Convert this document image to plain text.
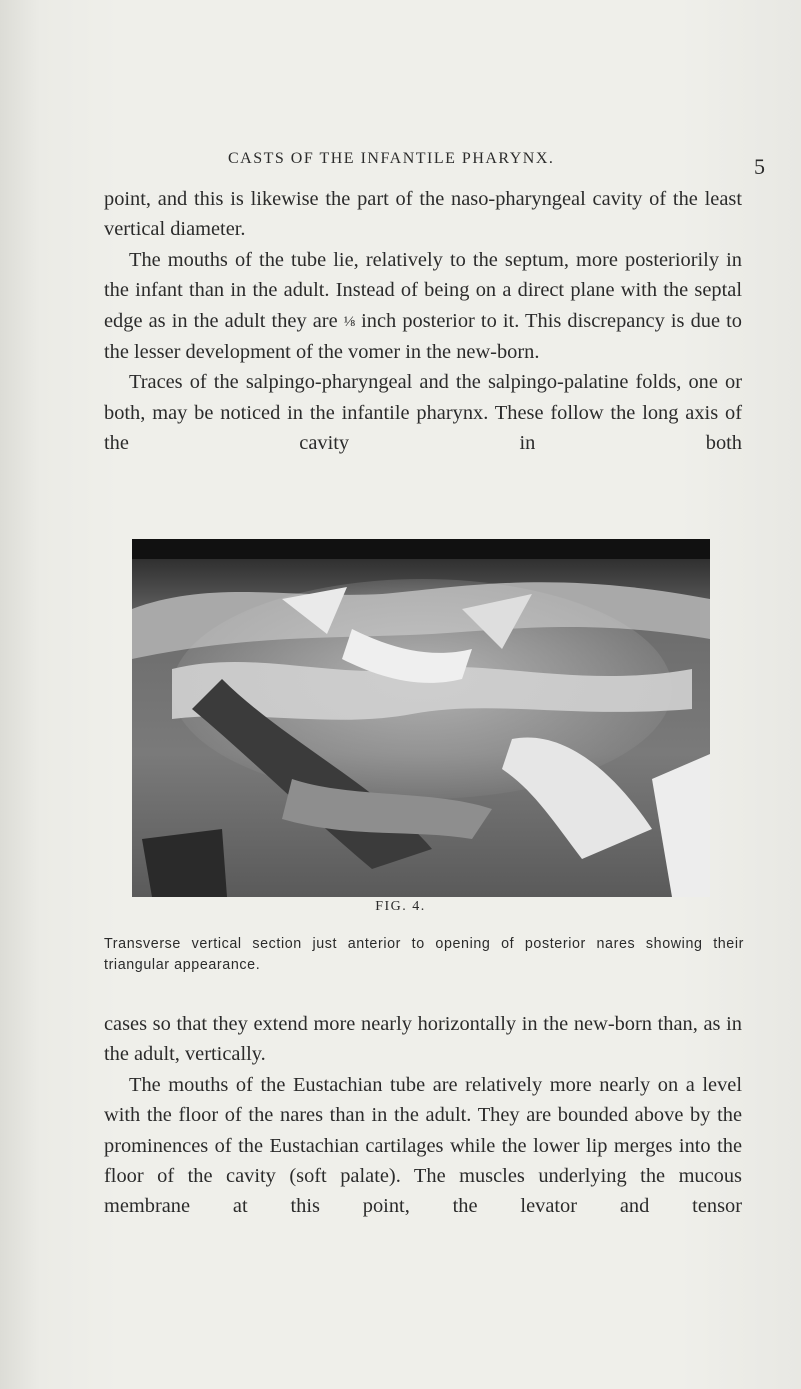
CASTS OF THE INFANTILE PHARYNX.	5

point, and this is likewise the part of the naso-pharyngeal cavity of the least vertical diameter.

The mouths of the tube lie, relatively to the septum, more posteriorily in the infant than in the adult. Instead of being on a direct plane with the septal edge as in the adult they are ⅛ inch posterior to it. This discrepancy is due to the lesser development of the vomer in the new-born.

Traces of the salpingo-pharyngeal and the salpingo-palatine folds, one or both, may be noticed in the infantile pharynx. These follow the long axis of the cavity in both

FIG. 4.
Transverse vertical section just anterior to opening of posterior nares showing their triangular appearance.

cases so that they extend more nearly horizontally in the new-born than, as in the adult, vertically.

The mouths of the Eustachian tube are relatively more nearly on a level with the floor of the nares than in the adult. They are bounded above by the prominences of the Eustachian cartilages while the lower lip merges into the floor of the cavity (soft palate). The muscles underlying the mucous membrane at this point, the levator and tensor
